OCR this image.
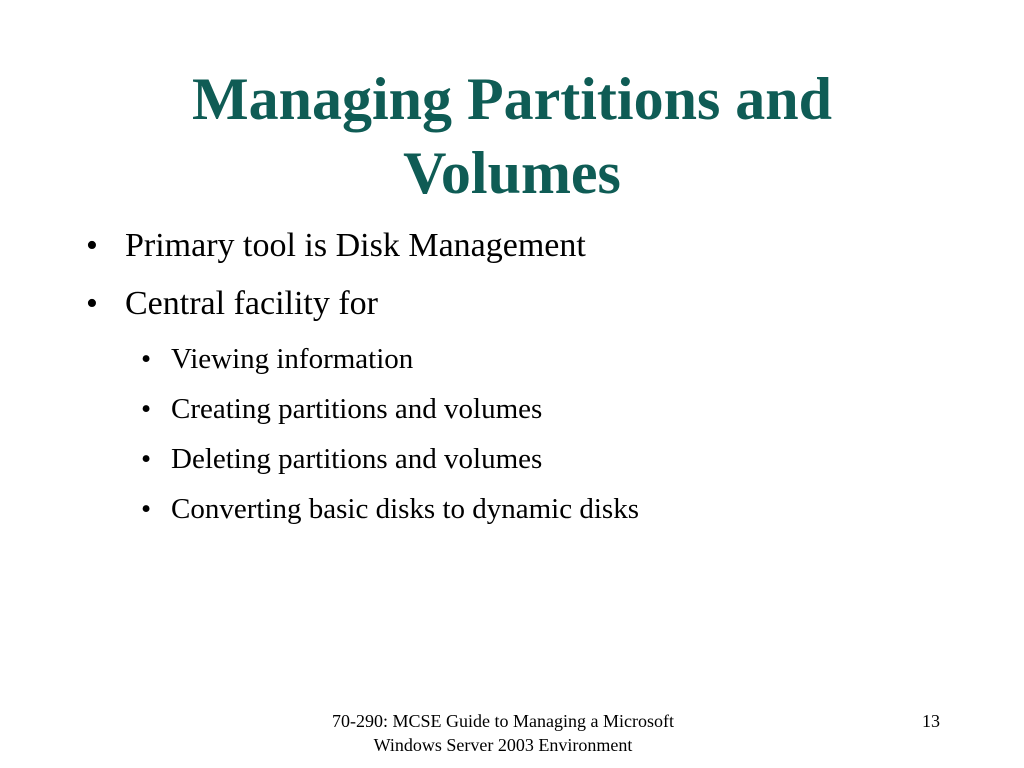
Managing Partitions and
Volumes
• Primary tool is Disk Management
• Central facility for
• Viewing information
• Creating partitions and volumes
• Deleting partitions and volumes
• Converting basic disks to dynamic disks
70-290: MCSE Guide to Managing a Microsoft
Windows Server 2003 Environment
13
